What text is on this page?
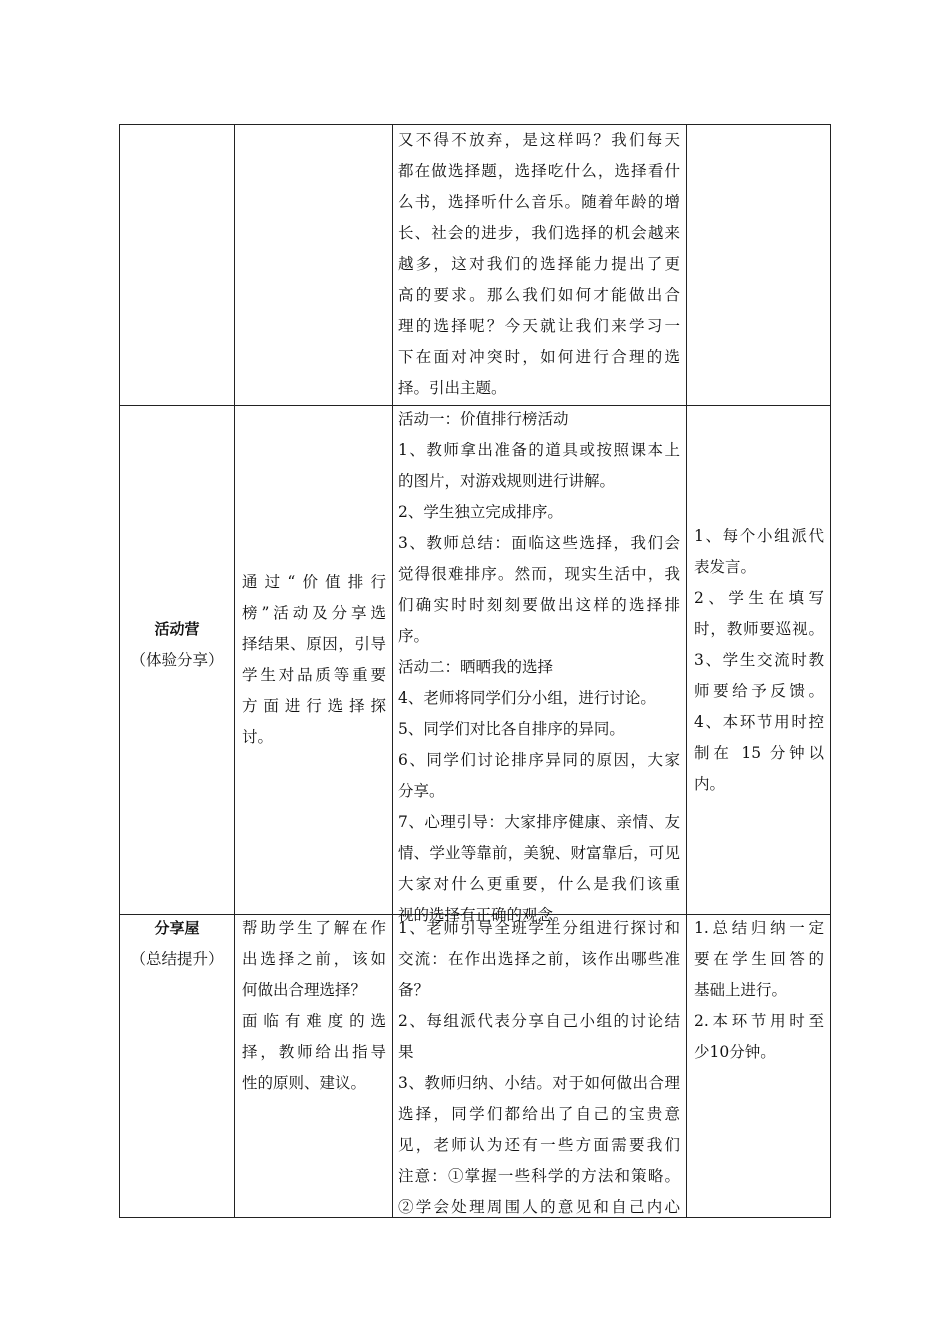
又不得不放弃，是这样吗？我们每天
都在做选择题，选择吃什么，选择看什
么书，选择听什么音乐。随着年龄的增
长、社会的进步，我们选择的机会越来
越多，这对我们的选择能力提出了更
高的要求。那么我们如何才能做出合
理的选择呢？今天就让我们来学习一
下在面对冲突时，如何进行合理的选
择。引出主题。
活动营
（体验分享）
通过“价值排行
榜”活动及分享选
择结果、原因，引导
学生对品质等重要
方面进行选择探
讨。
活动一：价值排行榜活动
1、教师拿出准备的道具或按照课本上
的图片，对游戏规则进行讲解。
2、学生独立完成排序。
3、教师总结：面临这些选择，我们会
觉得很难排序。然而，现实生活中，我
们确实时时刻刻要做出这样的选择排
序。
活动二：晒晒我的选择
4、老师将同学们分小组，进行讨论。
5、同学们对比各自排序的异同。
6、同学们讨论排序异同的原因，大家
分享。
7、心理引导：大家排序健康、亲情、友
情、学业等靠前，美貌、财富靠后，可见
大家对什么更重要，什么是我们该重
视的选择有正确的观念。
1、每个小组派代
表发言。
2、学生在填写
时，教师要巡视。
3、学生交流时教
师要给予反馈。
4、本环节用时控
制在 15 分钟以
内。
分享屋
（总结提升）
帮助学生了解在作
出选择之前，该如
何做出合理选择？
面临有难度的选
择，教师给出指导
性的原则、建议。
1、老师引导全班学生分组进行探讨和
交流：在作出选择之前，该作出哪些准
备？
2、每组派代表分享自己小组的讨论结
果
3、教师归纳、小结。对于如何做出合理
选择，同学们都给出了自己的宝贵意
见，老师认为还有一些方面需要我们
注意：①掌握一些科学的方法和策略。
②学会处理周围人的意见和自己内心
1.总结归纳一定
要在学生回答的
基础上进行。
2.本环节用时至
少10分钟。
